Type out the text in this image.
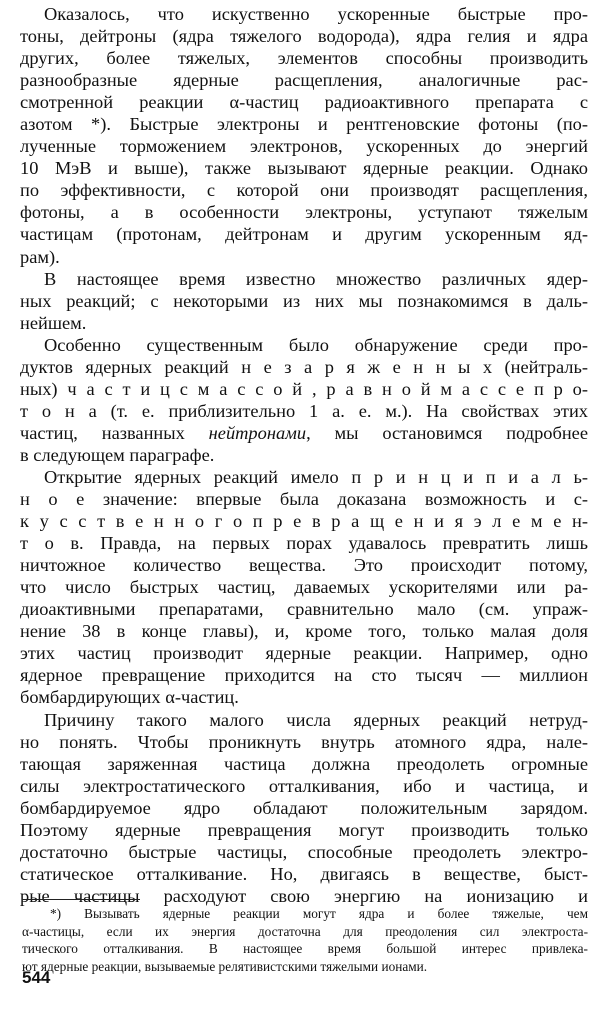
Оказалось, что искуственно ускоренные быстрые про-
тоны, дейтроны (ядра тяжелого водорода), ядра гелия и ядра
других, более тяжелых, элементов способны производить
разнообразные ядерные расщепления, аналогичные рас-
смотренной реакции α-частиц радиоактивного препарата с
азотом *). Быстрые электроны и рентгеновские фотоны (по-
лученные торможением электронов, ускоренных до энергий
10 МэВ и выше), также вызывают ядерные реакции. Однако
по эффективности, с которой они производят расщепления,
фотоны, а в особенности электроны, уступают тяжелым
частицам (протонам, дейтронам и другим ускоренным яд-
рам).
В настоящее время известно множество различных ядер-
ных реакций; с некоторыми из них мы познакомимся в даль-
нейшем.
Особенно существенным было обнаружение среди про-
дуктов ядерных реакций н е з а р я ж е н н ы х (нейтраль-
ных) ч а с т и ц с м а с с о й , р а в н о й м а с с е п р о-
т о н а (т. е. приблизительно 1 а. е. м.). На свойствах этих
частиц, названных нейтронами, мы остановимся подробнее
в следующем параграфе.
Открытие ядерных реакций имело п р и н ц и п и а л ь-
н о е значение: впервые была доказана возможность и с-
к у с с т в е н н о г о п р е в р а щ е н и я э л е м е н-
т о в. Правда, на первых порах удавалось превратить лишь
ничтожное количество вещества. Это происходит потому,
что число быстрых частиц, даваемых ускорителями или ра-
диоактивными препаратами, сравнительно мало (см. упраж-
нение 38 в конце главы), и, кроме того, только малая доля
этих частиц производит ядерные реакции. Например, одно
ядерное превращение приходится на сто тысяч — миллион
бомбардирующих α-частиц.
Причину такого малого числа ядерных реакций нетруд-
но понять. Чтобы проникнуть внутрь атомного ядра, нале-
тающая заряженная частица должна преодолеть огромные
силы электростатического отталкивания, ибо и частица, и
бомбардируемое ядро обладают положительным зарядом.
Поэтому ядерные превращения могут производить только
достаточно быстрые частицы, способные преодолеть электро-
статическое отталкивание. Но, двигаясь в веществе, быст-
рые частицы расходуют свою энергию на ионизацию и
*) Вызывать ядерные реакции могут ядра и более тяжелые, чем
α-частицы, если их энергия достаточна для преодоления сил электроста-
тического отталкивания. В настоящее время большой интерес привлека-
ют ядерные реакции, вызываемые релятивистскими тяжелыми ионами.
544
